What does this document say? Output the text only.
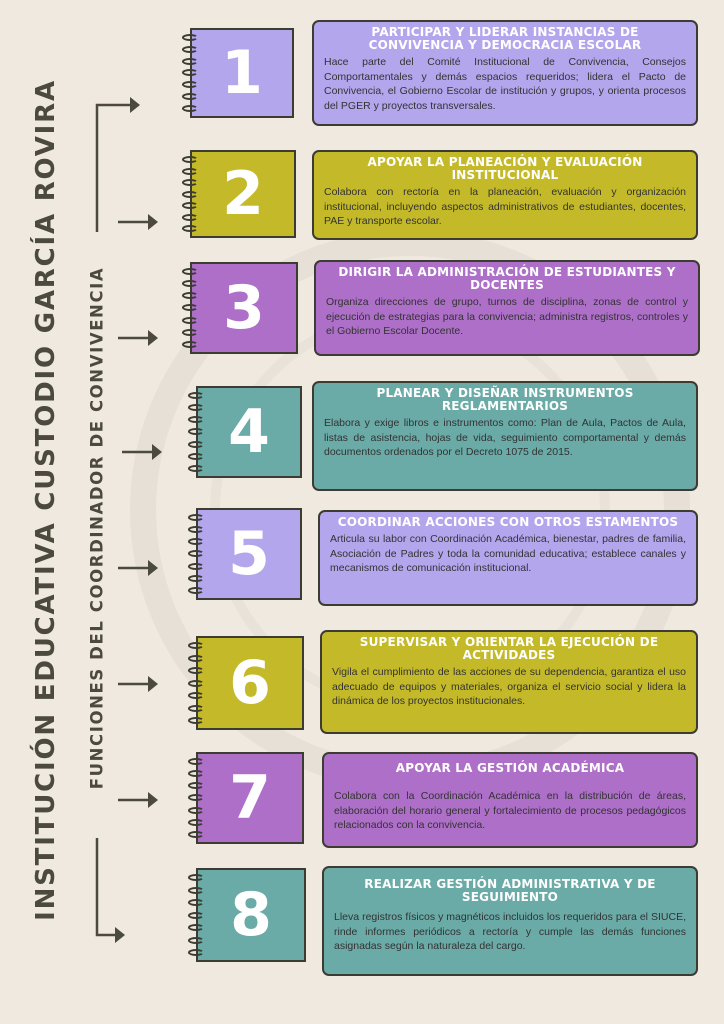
INSTITUCIÓN EDUCATIVA CUSTODIO GARCÍA ROVIRA FUNCIONES DEL COORDINADOR DE CONVIVENCIA
1
PARTICIPAR Y LIDERAR INSTANCIAS DE CONVIVENCIA Y DEMOCRACIA ESCOLAR
Hace parte del Comité Institucional de Convivencia, Consejos Comportamentales y demás espacios requeridos; lidera el Pacto de Convivencia, el Gobierno Escolar de institución y grupos, y orienta procesos del PGER y proyectos transversales.
2	APOYAR LA PLANEACIÓN Y EVALUACIÓN INSTITUCIONAL
Colabora con rectoría en la planeación, evaluación y organización institucional, incluyendo aspectos administrativos de estudiantes, docentes, PAE y transporte escolar.
3
DIRIGIR LA ADMINISTRACIÓN DE ESTUDIANTES Y DOCENTES
Organiza direcciones de grupo, turnos de disciplina, zonas de control y ejecución de estrategias para la convivencia; administra registros, controles y el Gobierno Escolar Docente.
4
PLANEAR Y DISEÑAR INSTRUMENTOS REGLAMENTARIOS
Elabora y exige libros e instrumentos como: Plan de Aula, Pactos de Aula, listas de asistencia, hojas de vida, seguimiento comportamental y demás documentos ordenados por el Decreto 1075 de 2015.
5	COORDINAR ACCIONES CON OTROS ESTAMENTOS
Articula su labor con Coordinación Académica, bienestar, padres de familia, Asociación de Padres y toda la comunidad educativa; establece canales y mecanismos de comunicación institucional.
6
SUPERVISAR Y ORIENTAR LA EJECUCIÓN DE ACTIVIDADES
Vigila el cumplimiento de las acciones de su dependencia, garantiza el uso adecuado de equipos y materiales, organiza el servicio social y lidera la dinámica de los proyectos institucionales.
7	APOYAR LA GESTIÓN ACADÉMICA
Colabora con la Coordinación Académica en la distribución de áreas, elaboración del horario general y fortalecimiento de procesos pedagógicos relacionados con la convivencia.
8	REALIZAR GESTIÓN ADMINISTRATIVA Y DE SEGUIMIENTO
Lleva registros físicos y magnéticos incluidos los requeridos para el SIUCE, rinde informes periódicos a rectoría y cumple las demás funciones asignadas según la naturaleza del cargo.
